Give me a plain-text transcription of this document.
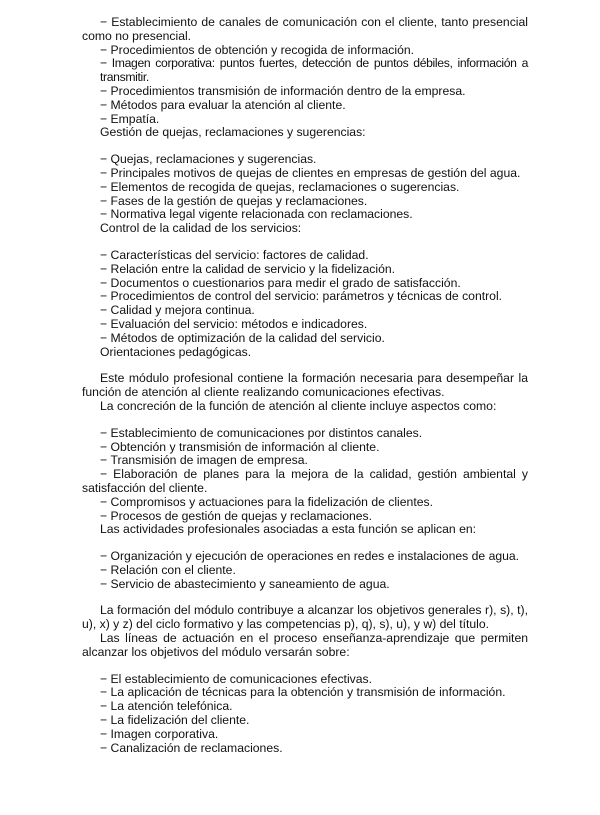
− Establecimiento de canales de comunicación con el cliente, tanto presencial como no presencial.

− Procedimientos de obtención y recogida de información.

− Imagen corporativa: puntos fuertes, detección de puntos débiles, información a transmitir.

− Procedimientos transmisión de información dentro de la empresa.

− Métodos para evaluar la atención al cliente.

− Empatía.

Gestión de quejas, reclamaciones y sugerencias:

− Quejas, reclamaciones y sugerencias.

− Principales motivos de quejas de clientes en empresas de gestión del agua.

− Elementos de recogida de quejas, reclamaciones o sugerencias.

− Fases de la gestión de quejas y reclamaciones.

− Normativa legal vigente relacionada con reclamaciones.

Control de la calidad de los servicios:

− Características del servicio: factores de calidad.

− Relación entre la calidad de servicio y la fidelización.

− Documentos o cuestionarios para medir el grado de satisfacción.

− Procedimientos de control del servicio: parámetros y técnicas de control.

− Calidad y mejora continua.

− Evaluación del servicio: métodos e indicadores.

− Métodos de optimización de la calidad del servicio.

Orientaciones pedagógicas.

Este módulo profesional contiene la formación necesaria para desempeñar la función de atención al cliente realizando comunicaciones efectivas.

La concreción de la función de atención al cliente incluye aspectos como:

− Establecimiento de comunicaciones por distintos canales.

− Obtención y transmisión de información al cliente.

− Transmisión de imagen de empresa.

− Elaboración de planes para la mejora de la calidad, gestión ambiental y satisfacción del cliente.

− Compromisos y actuaciones para la fidelización de clientes.

− Procesos de gestión de quejas y reclamaciones.

Las actividades profesionales asociadas a esta función se aplican en:

− Organización y ejecución de operaciones en redes e instalaciones de agua.

− Relación con el cliente.

− Servicio de abastecimiento y saneamiento de agua.

La formación del módulo contribuye a alcanzar los objetivos generales r), s), t), u), x) y z) del ciclo formativo y las competencias p), q), s), u), y w) del título.

Las líneas de actuación en el proceso enseñanza-aprendizaje que permiten alcanzar los objetivos del módulo versarán sobre:

− El establecimiento de comunicaciones efectivas.

− La aplicación de técnicas para la obtención y transmisión de información.

− La atención telefónica.

− La fidelización del cliente.

− Imagen corporativa.

− Canalización de reclamaciones.
